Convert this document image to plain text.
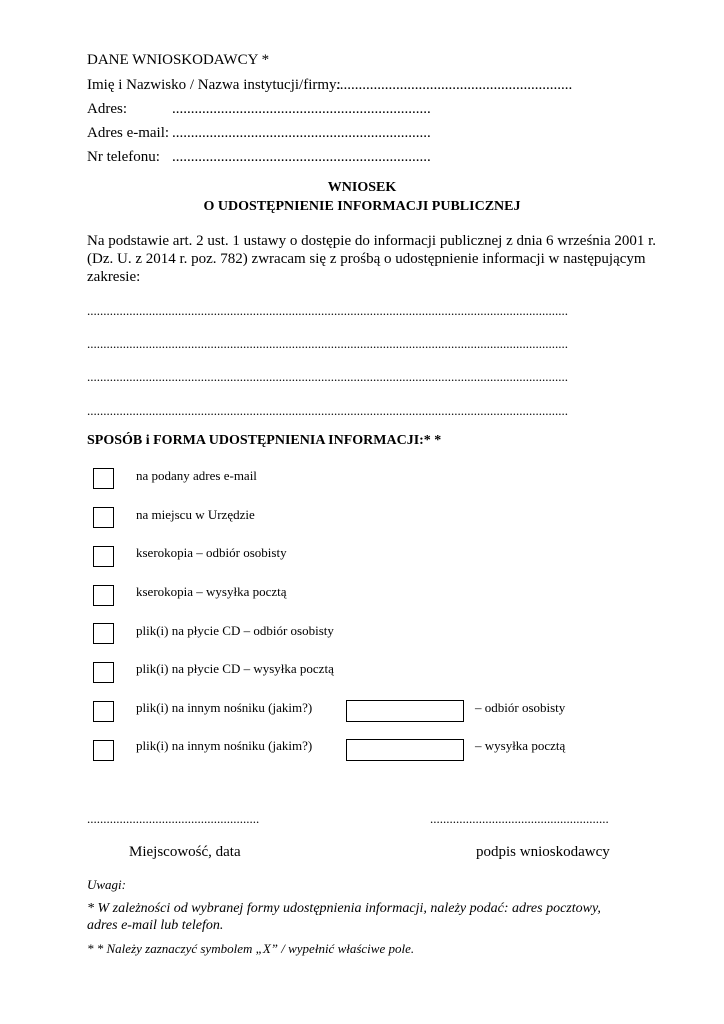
DANE WNIOSKODAWCY *
Imię i Nazwisko / Nazwa instytucji/firmy:
...............................................................
Adres:	.....................................................................
Adres e-mail: .....................................................................
Nr telefonu: .....................................................................
WNIOSEK
O UDOSTĘPNIENIE INFORMACJI PUBLICZNEJ
Na podstawie art. 2 ust. 1 ustawy o dostępie do informacji publicznej z dnia 6 września 2001 r.
(Dz. U. z 2014 r. poz. 782) zwracam się z prośbą o udostępnienie informacji w następującym
zakresie:
....................................................................................................................................................
....................................................................................................................................................
....................................................................................................................................................
....................................................................................................................................................
SPOSÓB i FORMA UDOSTĘPNIENIA INFORMACJI:* *
na podany adres e-mail
na miejscu w Urzędzie
kserokopia – odbiór osobisty
kserokopia – wysyłka pocztą
plik(i) na płycie CD – odbiór osobisty
plik(i) na płycie CD – wysyłka pocztą
plik(i) na innym nośniku (jakim?)	– odbiór osobisty
plik(i) na innym nośniku (jakim?)	– wysyłka pocztą
.....................................................	.......................................................
Miejscowość, data	podpis wnioskodawcy
Uwagi:
* W zależności od wybranej formy udostępnienia informacji, należy podać: adres pocztowy,
adres e-mail lub telefon.
* * Należy zaznaczyć symbolem „X” / wypełnić właściwe pole.
